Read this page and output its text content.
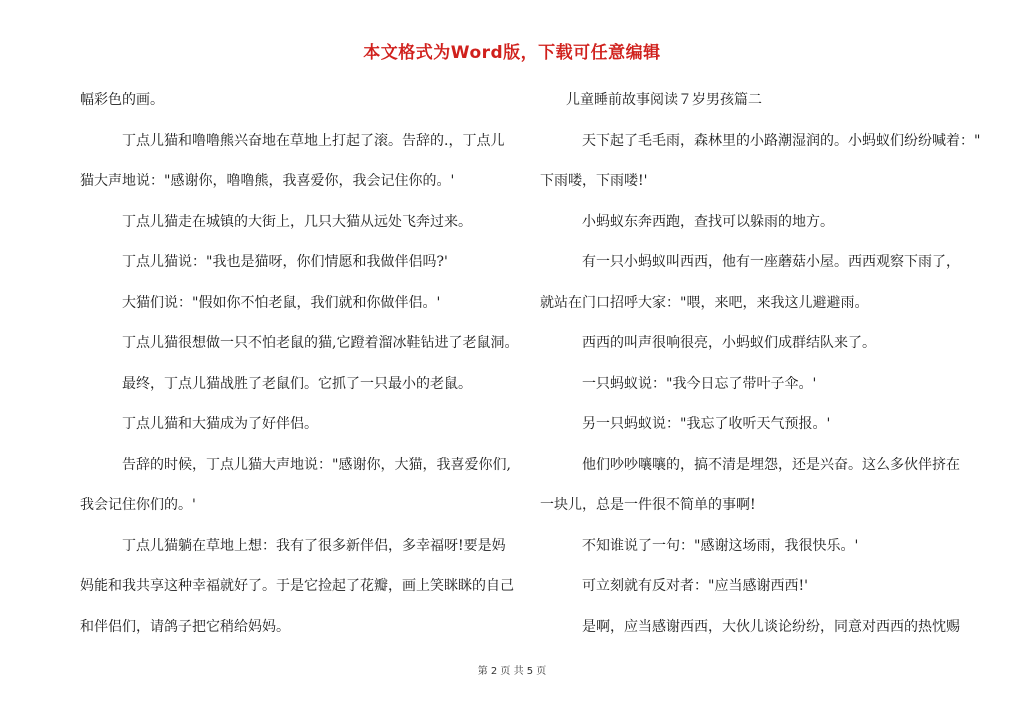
本文格式为Word版，下载可任意编辑

幅彩色的画。

丁点儿猫和噜噜熊兴奋地在草地上打起了滚。告辞的.，丁点儿

猫大声地说："感谢你，噜噜熊，我喜爱你，我会记住你的。'

丁点儿猫走在城镇的大街上，几只大猫从远处飞奔过来。

丁点儿猫说："我也是猫呀，你们情愿和我做伴侣吗?'

大猫们说："假如你不怕老鼠，我们就和你做伴侣。'

丁点儿猫很想做一只不怕老鼠的猫,它蹬着溜冰鞋钻进了老鼠洞。

最终，丁点儿猫战胜了老鼠们。它抓了一只最小的老鼠。

丁点儿猫和大猫成为了好伴侣。

告辞的时候，丁点儿猫大声地说："感谢你，大猫，我喜爱你们,

我会记住你们的。'

丁点儿猫躺在草地上想：我有了很多新伴侣，多幸福呀!要是妈

妈能和我共享这种幸福就好了。于是它捡起了花瓣，画上笑眯眯的自己

和伴侣们，请鸽子把它稍给妈妈。

儿童睡前故事阅读７岁男孩篇二

天下起了毛毛雨，森林里的小路潮湿润的。小蚂蚁们纷纷喊着："

下雨喽，下雨喽!'

小蚂蚁东奔西跑，查找可以躲雨的地方。

有一只小蚂蚁叫西西，他有一座蘑菇小屋。西西观察下雨了，

就站在门口招呼大家："喂，来吧，来我这儿避避雨。

西西的叫声很响很亮，小蚂蚁们成群结队来了。

一只蚂蚁说："我今日忘了带叶子伞。'

另一只蚂蚁说："我忘了收听天气预报。'

他们吵吵嚷嚷的，搞不清是埋怨，还是兴奋。这么多伙伴挤在

一块儿，总是一件很不简单的事啊!

不知谁说了一句："感谢这场雨，我很快乐。'

可立刻就有反对者："应当感谢西西!'

是啊，应当感谢西西，大伙儿谈论纷纷，同意对西西的热忱赐

第 2 页 共 5 页
